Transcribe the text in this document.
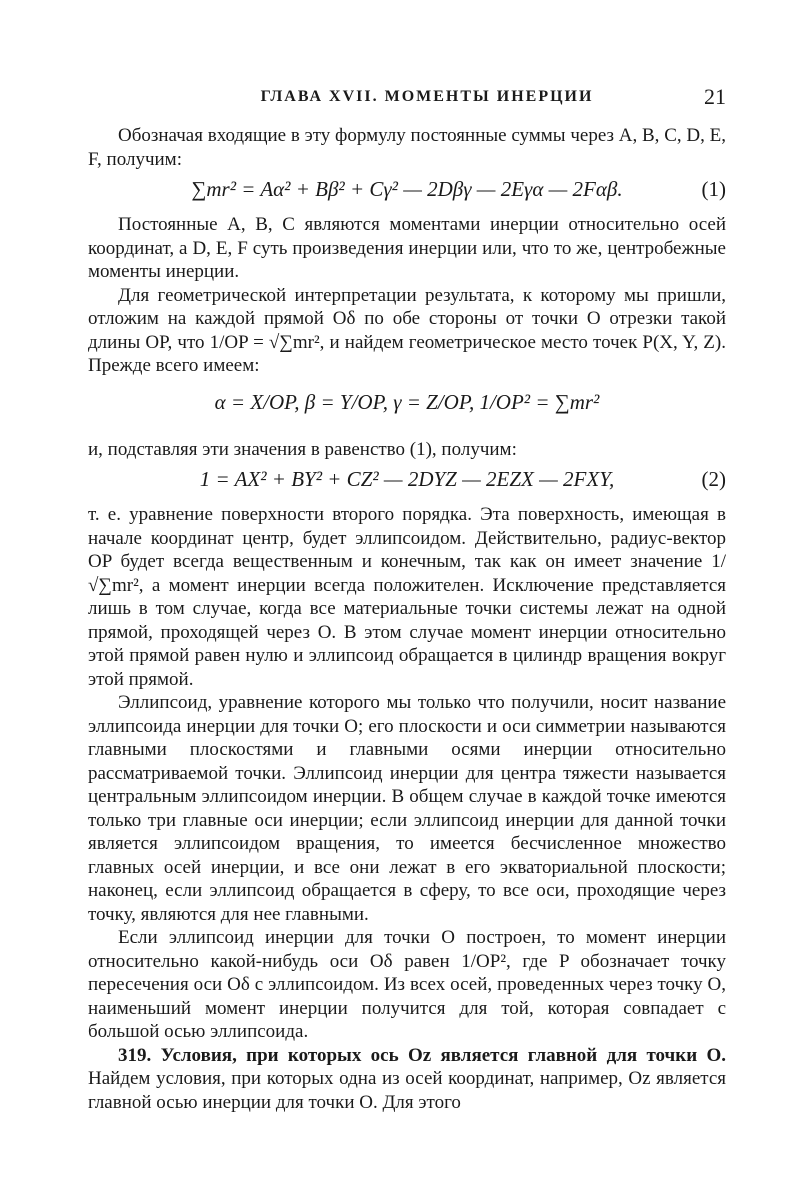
ГЛАВА XVII. МОМЕНТЫ ИНЕРЦИИ	21

Обозначая входящие в эту формулу постоянные суммы через A, B, C, D, E, F, получим:

∑mr² = Aα² + Bβ² + Cγ² — 2Dβγ — 2Eγα — 2Fαβ.	(1)

Постоянные A, B, C являются моментами инерции относительно осей координат, а D, E, F суть произведения инерции или, что то же, центробежные моменты инерции.

Для геометрической интерпретации результата, к которому мы пришли, отложим на каждой прямой Oδ по обе стороны от точки O отрезки такой длины OP, что 1/OP = √∑mr², и найдем геометрическое место точек P(X, Y, Z). Прежде всего имеем:

α = X/OP, β = Y/OP, γ = Z/OP, 1/OP² = ∑mr²

и, подставляя эти значения в равенство (1), получим:

1 = AX² + BY² + CZ² — 2DYZ — 2EZX — 2FXY,	(2)

т. е. уравнение поверхности второго порядка. Эта поверхность, имеющая в начале координат центр, будет эллипсоидом. Действительно, радиус-вектор OP будет всегда вещественным и конечным, так как он имеет значение 1/√∑mr², а момент инерции всегда положителен. Исключение представляется лишь в том случае, когда все материальные точки системы лежат на одной прямой, проходящей через O. В этом случае момент инерции относительно этой прямой равен нулю и эллипсоид обращается в цилиндр вращения вокруг этой прямой.

Эллипсоид, уравнение которого мы только что получили, носит название эллипсоида инерции для точки O; его плоскости и оси симметрии называются главными плоскостями и главными осями инерции относительно рассматриваемой точки. Эллипсоид инерции для центра тяжести называется центральным эллипсоидом инерции. В общем случае в каждой точке имеются только три главные оси инерции; если эллипсоид инерции для данной точки является эллипсоидом вращения, то имеется бесчисленное множество главных осей инерции, и все они лежат в его экваториальной плоскости; наконец, если эллипсоид обращается в сферу, то все оси, проходящие через точку, являются для нее главными.

Если эллипсоид инерции для точки O построен, то момент инерции относительно какой-нибудь оси Oδ равен 1/OP², где P обозначает точку пересечения оси Oδ с эллипсоидом. Из всех осей, проведенных через точку O, наименьший момент инерции получится для той, которая совпадает с большой осью эллипсоида.

319. Условия, при которых ось Oz является главной для точки O. Найдем условия, при которых одна из осей координат, например, Oz является главной осью инерции для точки O. Для этого
